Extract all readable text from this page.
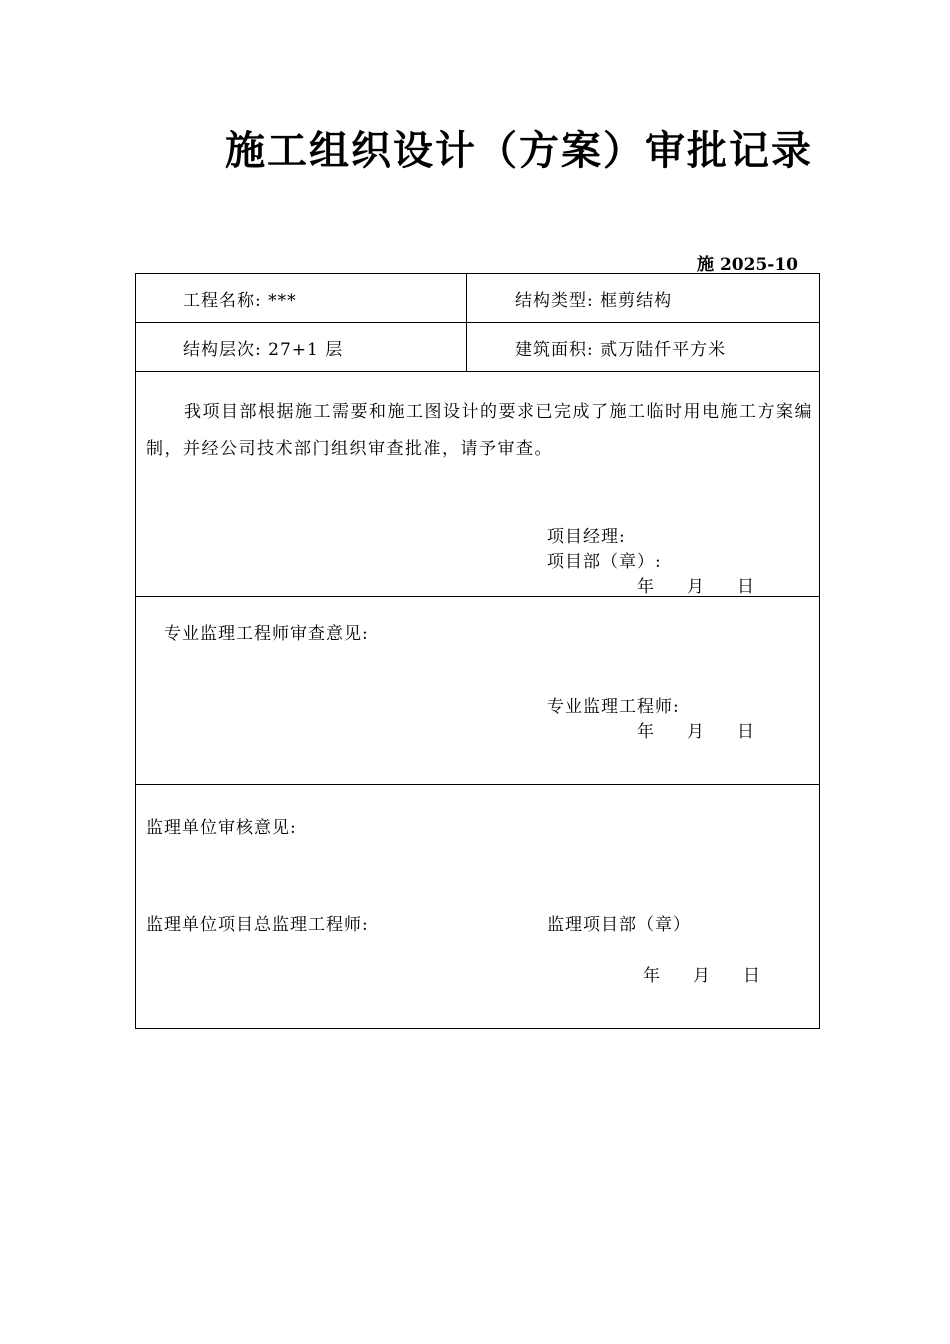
施工组织设计（方案）审批记录
施 2025-10
工程名称: ***	结构类型: 框剪结构
结构层次: 27+1 层	建筑面积: 贰万陆仟平方米

我项目部根据施工需要和施工图设计的要求已完成了施工临时用电施工方案编制，并经公司技术部门组织审查批准，请予审查。

项目经理:
项目部（章）:
年     月     日
专业监理工程师审查意见:
专业监理工程师:
年     月     日
监理单位审核意见:
监理单位项目总监理工程师:	监理项目部（章）
年     月     日
